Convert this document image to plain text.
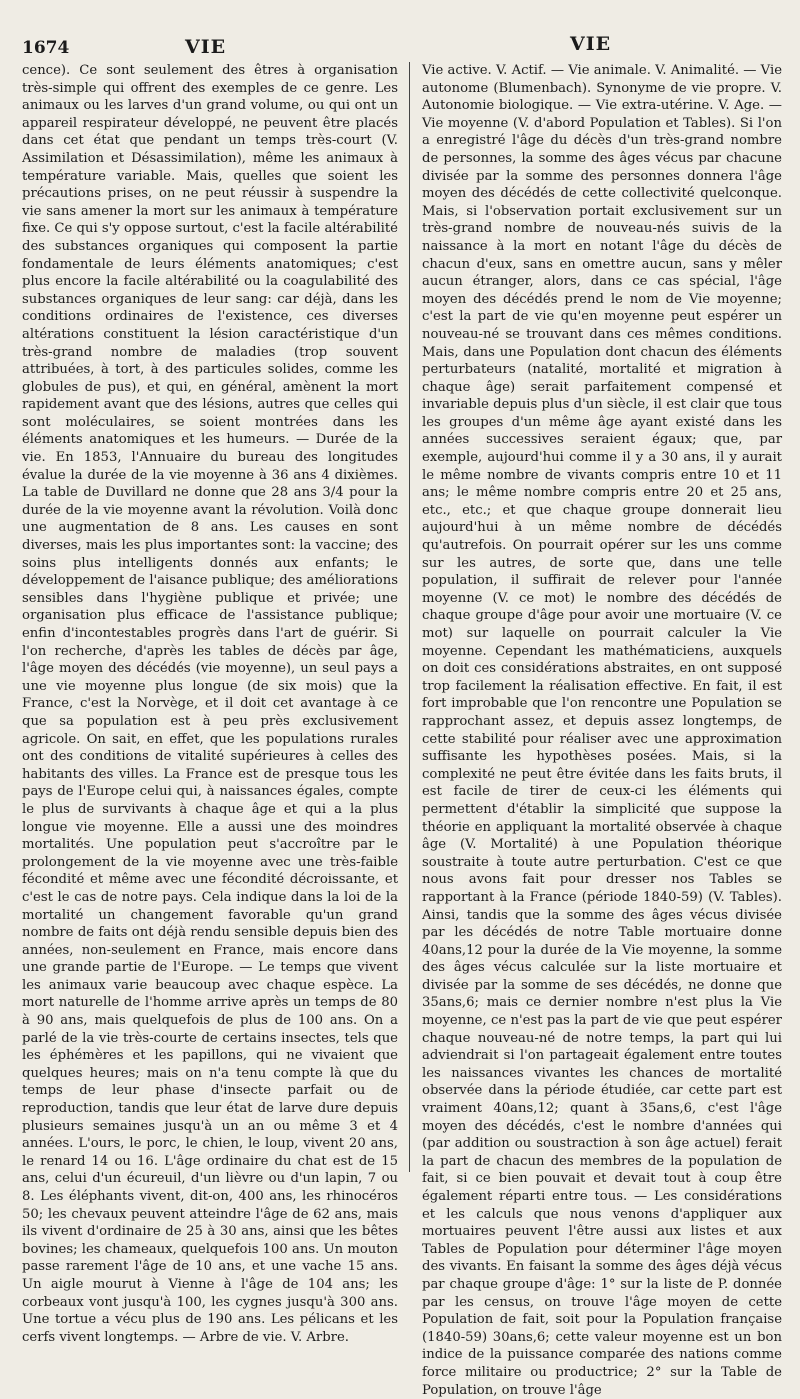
1674	VIE	VIE

cence). Ce sont seulement des êtres à organisation très-simple qui offrent des exemples de ce genre. Les animaux ou les larves d'un grand volume, ou qui ont un appareil respirateur développé, ne peuvent être placés dans cet état que pendant un temps très-court (V. Assimilation et Désassimilation), même les animaux à température variable. Mais, quelles que soient les précautions prises, on ne peut réussir à suspendre la vie sans amener la mort sur les animaux à température fixe. Ce qui s'y oppose surtout, c'est la facile altérabilité des substances organiques qui composent la partie fondamentale de leurs éléments anatomiques; c'est plus encore la facile altérabilité ou la coagulabilité des substances organiques de leur sang: car déjà, dans les conditions ordinaires de l'existence, ces diverses altérations constituent la lésion caractéristique d'un très-grand nombre de maladies (trop souvent attribuées, à tort, à des particules solides, comme les globules de pus), et qui, en général, amènent la mort rapidement avant que des lésions, autres que celles qui sont moléculaires, se soient montrées dans les éléments anatomiques et les humeurs. — Durée de la vie. En 1853, l'Annuaire du bureau des longitudes évalue la durée de la vie moyenne à 36 ans 4 dixièmes. La table de Duvillard ne donne que 28 ans 3/4 pour la durée de la vie moyenne avant la révolution. Voilà donc une augmentation de 8 ans. Les causes en sont diverses, mais les plus importantes sont: la vaccine; des soins plus intelligents donnés aux enfants; le développement de l'aisance publique; des améliorations sensibles dans l'hygiène publique et privée; une organisation plus efficace de l'assistance publique; enfin d'incontestables progrès dans l'art de guérir. Si l'on recherche, d'après les tables de décès par âge, l'âge moyen des décédés (vie moyenne), un seul pays a une vie moyenne plus longue (de six mois) que la France, c'est la Norvège, et il doit cet avantage à ce que sa population est à peu près exclusivement agricole. On sait, en effet, que les populations rurales ont des conditions de vitalité supérieures à celles des habitants des villes. La France est de presque tous les pays de l'Europe celui qui, à naissances égales, compte le plus de survivants à chaque âge et qui a la plus longue vie moyenne. Elle a aussi une des moindres mortalités. Une population peut s'accroître par le prolongement de la vie moyenne avec une très-faible fécondité et même avec une fécondité décroissante, et c'est le cas de notre pays. Cela indique dans la loi de la mortalité un changement favorable qu'un grand nombre de faits ont déjà rendu sensible depuis bien des années, non-seulement en France, mais encore dans une grande partie de l'Europe. — Le temps que vivent les animaux varie beaucoup avec chaque espèce. La mort naturelle de l'homme arrive après un temps de 80 à 90 ans, mais quelquefois de plus de 100 ans. On a parlé de la vie très-courte de certains insectes, tels que les éphémères et les papillons, qui ne vivaient que quelques heures; mais on n'a tenu compte là que du temps de leur phase d'insecte parfait ou de reproduction, tandis que leur état de larve dure depuis plusieurs semaines jusqu'à un an ou même 3 et 4 années. L'ours, le porc, le chien, le loup, vivent 20 ans, le renard 14 ou 16. L'âge ordinaire du chat est de 15 ans, celui d'un écureuil, d'un lièvre ou d'un lapin, 7 ou 8. Les éléphants vivent, dit-on, 400 ans, les rhinocéros 50; les chevaux peuvent atteindre l'âge de 62 ans, mais ils vivent d'ordinaire de 25 à 30 ans, ainsi que les bêtes bovines; les chameaux, quelquefois 100 ans. Un mouton passe rarement l'âge de 10 ans, et une vache 15 ans. Un aigle mourut à Vienne à l'âge de 104 ans; les corbeaux vont jusqu'à 100, les cygnes jusqu'à 300 ans. Une tortue a vécu plus de 190 ans. Les pélicans et les cerfs vivent longtemps. — Arbre de vie. V. Arbre.

Vie active. V. Actif. — Vie animale. V. Animalité. — Vie autonome (Blumenbach). Synonyme de vie propre. V. Autonomie biologique. — Vie extra-utérine. V. Age. — Vie moyenne (V. d'abord Population et Tables). Si l'on a enregistré l'âge du décès d'un très-grand nombre de personnes, la somme des âges vécus par chacune divisée par la somme des personnes donnera l'âge moyen des décédés de cette collectivité quelconque. Mais, si l'observation portait exclusivement sur un très-grand nombre de nouveau-nés suivis de la naissance à la mort en notant l'âge du décès de chacun d'eux, sans en omettre aucun, sans y mêler aucun étranger, alors, dans ce cas spécial, l'âge moyen des décédés prend le nom de Vie moyenne; c'est la part de vie qu'en moyenne peut espérer un nouveau-né se trouvant dans ces mêmes conditions. Mais, dans une Population dont chacun des éléments perturbateurs (natalité, mortalité et migration à chaque âge) serait parfaitement compensé et invariable depuis plus d'un siècle, il est clair que tous les groupes d'un même âge ayant existé dans les années successives seraient égaux; que, par exemple, aujourd'hui comme il y a 30 ans, il y aurait le même nombre de vivants compris entre 10 et 11 ans; le même nombre compris entre 20 et 25 ans, etc., etc.; et que chaque groupe donnerait lieu aujourd'hui à un même nombre de décédés qu'autrefois. On pourrait opérer sur les uns comme sur les autres, de sorte que, dans une telle population, il suffirait de relever pour l'année moyenne (V. ce mot) le nombre des décédés de chaque groupe d'âge pour avoir une mortuaire (V. ce mot) sur laquelle on pourrait calculer la Vie moyenne. Cependant les mathématiciens, auxquels on doit ces considérations abstraites, en ont supposé trop facilement la réalisation effective. En fait, il est fort improbable que l'on rencontre une Population se rapprochant assez, et depuis assez longtemps, de cette stabilité pour réaliser avec une approximation suffisante les hypothèses posées. Mais, si la complexité ne peut être évitée dans les faits bruts, il est facile de tirer de ceux-ci les éléments qui permettent d'établir la simplicité que suppose la théorie en appliquant la mortalité observée à chaque âge (V. Mortalité) à une Population théorique soustraite à toute autre perturbation. C'est ce que nous avons fait pour dresser nos Tables se rapportant à la France (période 1840-59) (V. Tables). Ainsi, tandis que la somme des âges vécus divisée par les décédés de notre Table mortuaire donne 40ans,12 pour la durée de la Vie moyenne, la somme des âges vécus calculée sur la liste mortuaire et divisée par la somme de ses décédés, ne donne que 35ans,6; mais ce dernier nombre n'est plus la Vie moyenne, ce n'est pas la part de vie que peut espérer chaque nouveau-né de notre temps, la part qui lui adviendrait si l'on partageait également entre toutes les naissances vivantes les chances de mortalité observée dans la période étudiée, car cette part est vraiment 40ans,12; quant à 35ans,6, c'est l'âge moyen des décédés, c'est le nombre d'années qui (par addition ou soustraction à son âge actuel) ferait la part de chacun des membres de la population de fait, si ce bien pouvait et devait tout à coup être également réparti entre tous. — Les considérations et les calculs que nous venons d'appliquer aux mortuaires peuvent l'être aussi aux listes et aux Tables de Population pour déterminer l'âge moyen des vivants. En faisant la somme des âges déjà vécus par chaque groupe d'âge: 1° sur la liste de P. donnée par les census, on trouve l'âge moyen de cette Population de fait, soit pour la Population française (1840-59) 30ans,6; cette valeur moyenne est un bon indice de la puissance comparée des nations comme force militaire ou productrice; 2° sur la Table de Population, on trouve l'âge
